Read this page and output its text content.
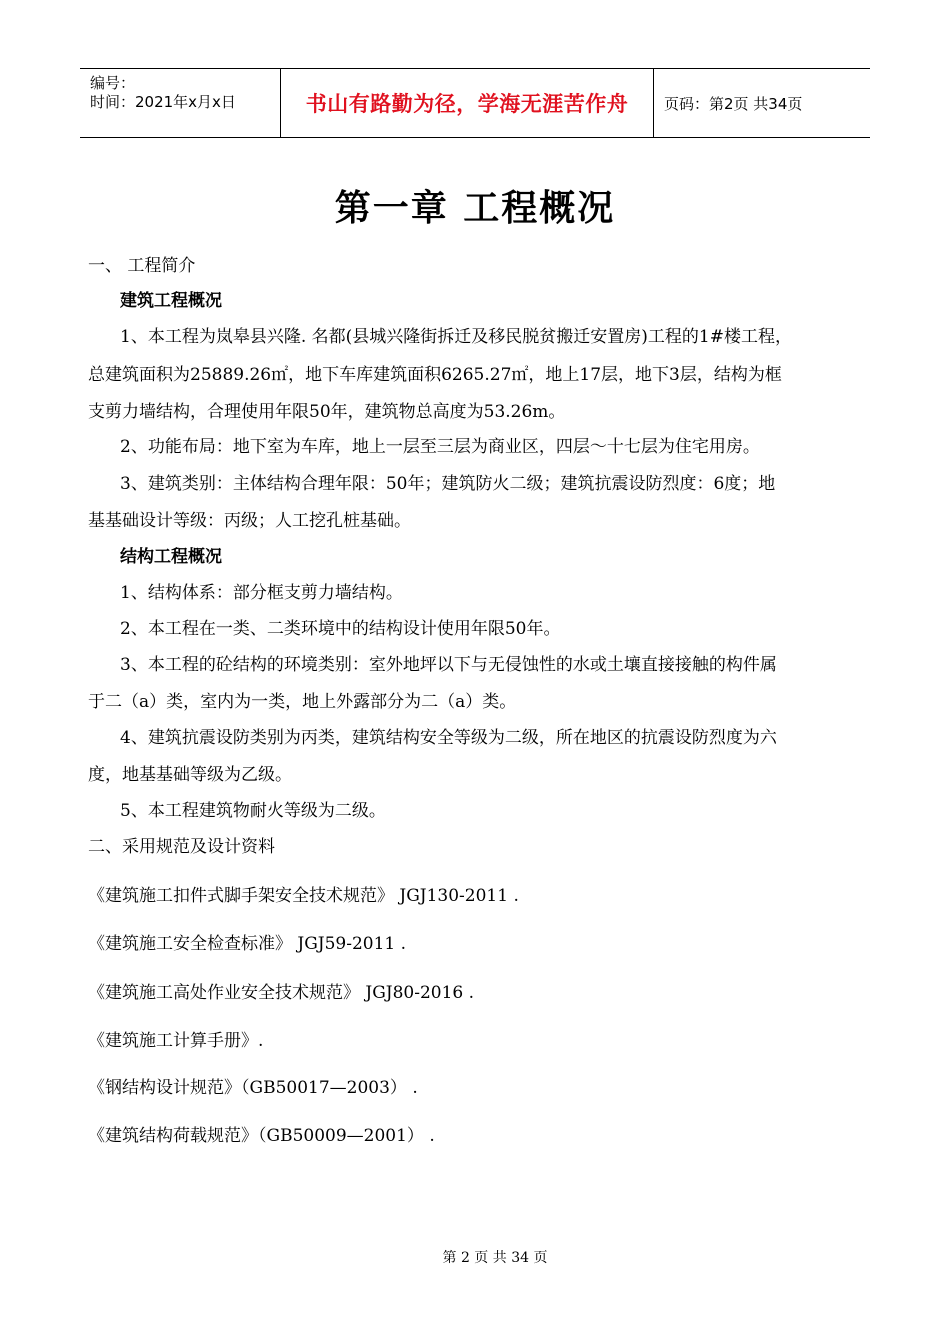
编号：
时间：2021年x月x日	书山有路勤为径，学海无涯苦作舟	页码：第2页 共34页
第一章 工程概况
一、 工程简介
建筑工程概况
1、本工程为岚皋县兴隆. 名都(县城兴隆街拆迁及移民脱贫搬迁安置房)工程的1#楼工程，
总建筑面积为25889.26㎡，地下车库建筑面积6265.27㎡，地上17层，地下3层，结构为框
支剪力墙结构，合理使用年限50年，建筑物总高度为53.26m。
2、功能布局：地下室为车库，地上一层至三层为商业区，四层～十七层为住宅用房。
3、建筑类别：主体结构合理年限：50年；建筑防火二级；建筑抗震设防烈度：6度；地
基基础设计等级：丙级；人工挖孔桩基础。
结构工程概况
1、结构体系：部分框支剪力墙结构。
2、本工程在一类、二类环境中的结构设计使用年限50年。
3、本工程的砼结构的环境类别：室外地坪以下与无侵蚀性的水或土壤直接接触的构件属
于二（a）类，室内为一类，地上外露部分为二（a）类。
4、建筑抗震设防类别为丙类，建筑结构安全等级为二级，所在地区的抗震设防烈度为六
度，地基基础等级为乙级。
5、本工程建筑物耐火等级为二级。
二、采用规范及设计资料
《建筑施工扣件式脚手架安全技术规范》 JGJ130-2011 .
《建筑施工安全检查标准》 JGJ59-2011 .
《建筑施工高处作业安全技术规范》 JGJ80-2016 .
《建筑施工计算手册》.
《钢结构设计规范》（GB50017—2003） .
《建筑结构荷载规范》（GB50009—2001） .
第 2 页 共 34 页
